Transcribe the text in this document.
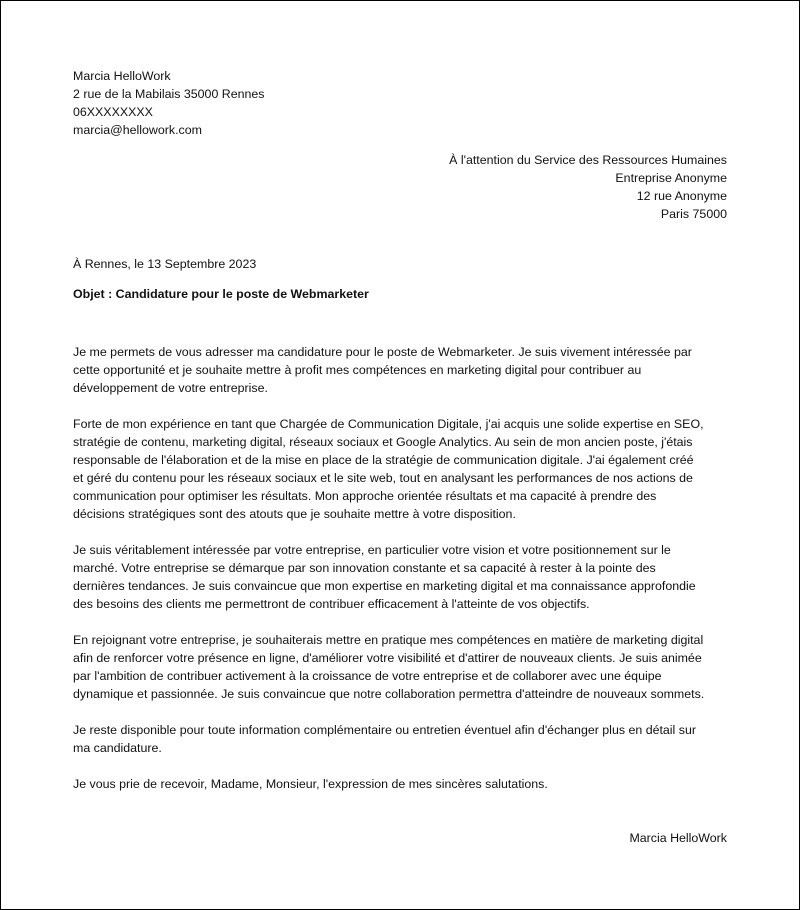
Marcia HelloWork
2 rue de la Mabilais 35000 Rennes
06XXXXXXXX
marcia@hellowork.com
À l'attention du Service des Ressources Humaines
Entreprise Anonyme
12 rue Anonyme
Paris 75000
À Rennes, le 13 Septembre 2023
Objet : Candidature pour le poste de Webmarketer

Je me permets de vous adresser ma candidature pour le poste de Webmarketer. Je suis vivement intéressée par
cette opportunité et je souhaite mettre à profit mes compétences en marketing digital pour contribuer au
développement de votre entreprise.

Forte de mon expérience en tant que Chargée de Communication Digitale, j'ai acquis une solide expertise en SEO,
stratégie de contenu, marketing digital, réseaux sociaux et Google Analytics. Au sein de mon ancien poste, j'étais
responsable de l'élaboration et de la mise en place de la stratégie de communication digitale. J'ai également créé
et géré du contenu pour les réseaux sociaux et le site web, tout en analysant les performances de nos actions de
communication pour optimiser les résultats. Mon approche orientée résultats et ma capacité à prendre des
décisions stratégiques sont des atouts que je souhaite mettre à votre disposition.

Je suis véritablement intéressée par votre entreprise, en particulier votre vision et votre positionnement sur le
marché. Votre entreprise se démarque par son innovation constante et sa capacité à rester à la pointe des
dernières tendances. Je suis convaincue que mon expertise en marketing digital et ma connaissance approfondie
des besoins des clients me permettront de contribuer efficacement à l'atteinte de vos objectifs.

En rejoignant votre entreprise, je souhaiterais mettre en pratique mes compétences en matière de marketing digital
afin de renforcer votre présence en ligne, d'améliorer votre visibilité et d'attirer de nouveaux clients. Je suis animée
par l'ambition de contribuer activement à la croissance de votre entreprise et de collaborer avec une équipe
dynamique et passionnée. Je suis convaincue que notre collaboration permettra d'atteindre de nouveaux sommets.

Je reste disponible pour toute information complémentaire ou entretien éventuel afin d'échanger plus en détail sur
ma candidature.

Je vous prie de recevoir, Madame, Monsieur, l'expression de mes sincères salutations.

Marcia HelloWork
